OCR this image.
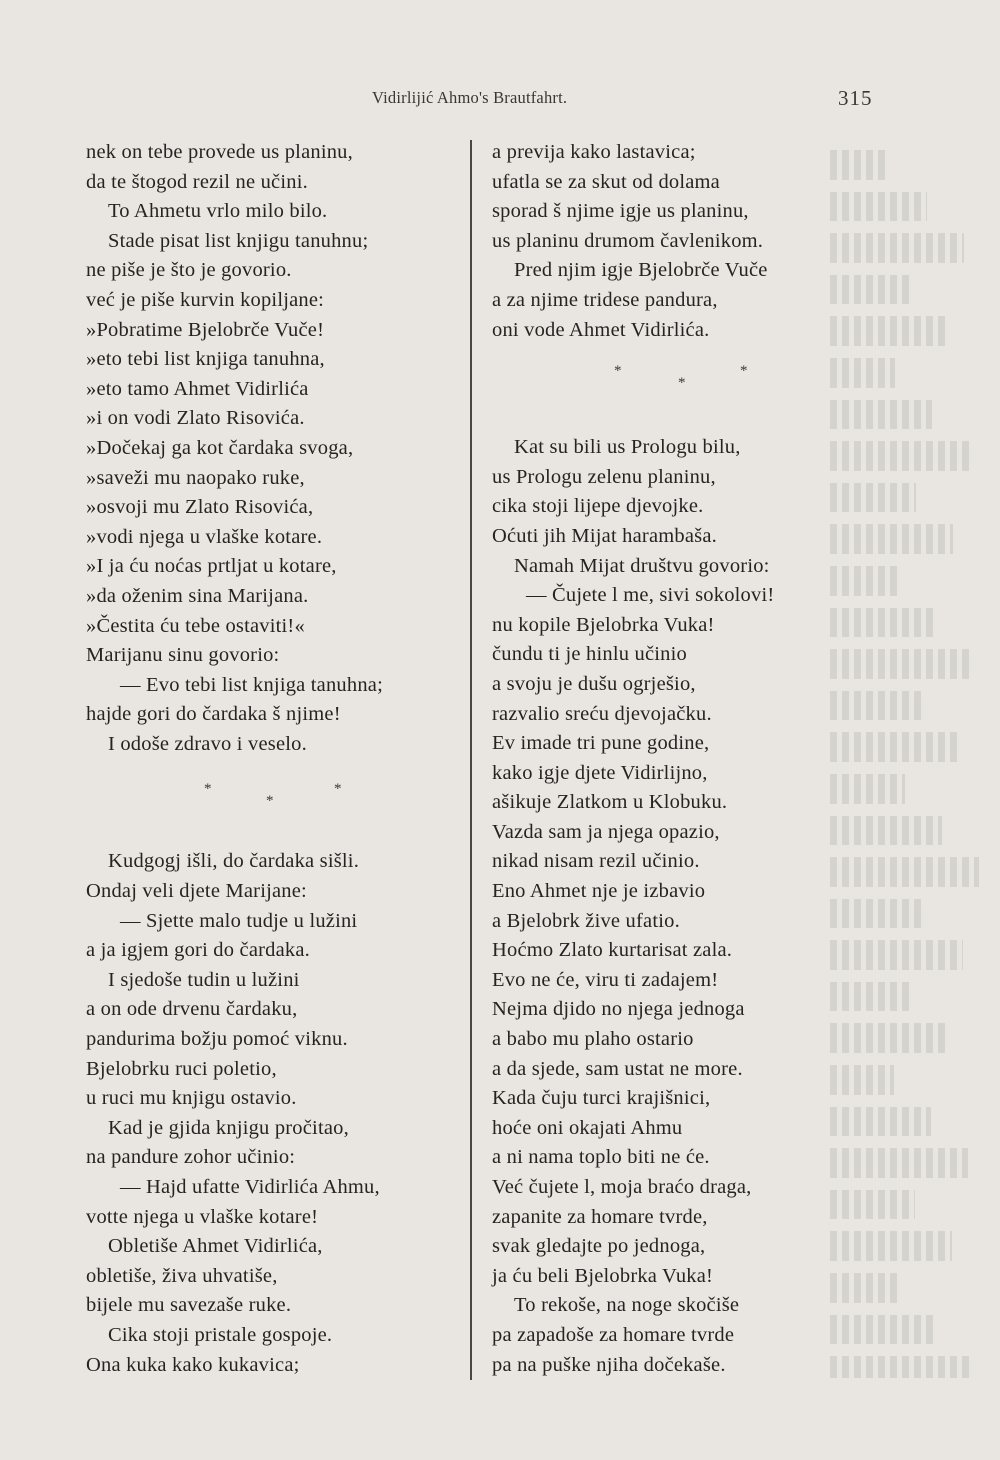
Vidirlijić Ahmo's Brautfahrt.	315
nek on tebe provede us planinu,
da te štogod rezil ne učini.
To Ahmetu vrlo milo bilo.
Stade pisat list knjigu tanuhnu;
ne piše je što je govorio.
već je piše kurvin kopiljane:
»Pobratime Bjelobrče Vuče!
»eto tebi list knjiga tanuhna,
»eto tamo Ahmet Vidirlića
»i on vodi Zlato Risovića.
»Dočekaj ga kot čardaka svoga,
»saveži mu naopako ruke,
»osvoji mu Zlato Risovića,
»vodi njega u vlaške kotare.
»I ja ću noćas prtljat u kotare,
»da oženim sina Marijana.
»Čestita ću tebe ostaviti!«
Marijanu sinu govorio:
— Evo tebi list knjiga tanuhna;
hajde gori do čardaka š njime!
I odoše zdravo i veselo.
*
*
*
Kudgogj išli, do čardaka sišli.
Ondaj veli djete Marijane:
— Sjette malo tudje u lužini
a ja igjem gori do čardaka.
I sjedoše tudin u lužini
a on ode drvenu čardaku,
pandurima božju pomoć viknu.
Bjelobrku ruci poletio,
u ruci mu knjigu ostavio.
Kad je gjida knjigu pročitao,
na pandure zohor učinio:
— Hajd ufatte Vidirlića Ahmu,
votte njega u vlaške kotare!
Obletiše Ahmet Vidirlića,
obletiše, živa uhvatiše,
bijele mu savezaše ruke.
Cika stoji pristale gospoje.
Ona kuka kako kukavica;
a previja kako lastavica;
ufatla se za skut od dolama
sporad š njime igje us planinu,
us planinu drumom čavlenikom.
Pred njim igje Bjelobrče Vuče
a za njime tridese pandura,
oni vode Ahmet Vidirlića.
*
*
*
Kat su bili us Prologu bilu,
us Prologu zelenu planinu,
cika stoji lijepe djevojke.
Oćuti jih Mijat harambaša.
Namah Mijat društvu govorio:
— Čujete l me, sivi sokolovi!
nu kopile Bjelobrka Vuka!
čundu ti je hinlu učinio
a svoju je dušu ogrješio,
razvalio sreću djevojačku.
Ev imade tri pune godine,
kako igje djete Vidirlijno,
ašikuje Zlatkom u Klobuku.
Vazda sam ja njega opazio,
nikad nisam rezil učinio.
Eno Ahmet nje je izbavio
a Bjelobrk žive ufatio.
Hoćmo Zlato kurtarisat zala.
Evo ne će, viru ti zadajem!
Nejma djido no njega jednoga
a babo mu plaho ostario
a da sjede, sam ustat ne more.
Kada čuju turci krajišnici,
hoće oni okajati Ahmu
a ni nama toplo biti ne će.
Već čujete l, moja braćo draga,
zapanite za homare tvrde,
svak gledajte po jednoga,
ja ću beli Bjelobrka Vuka!
To rekoše, na noge skočiše
pa zapadoše za homare tvrde
pa na puške njiha dočekaše.
